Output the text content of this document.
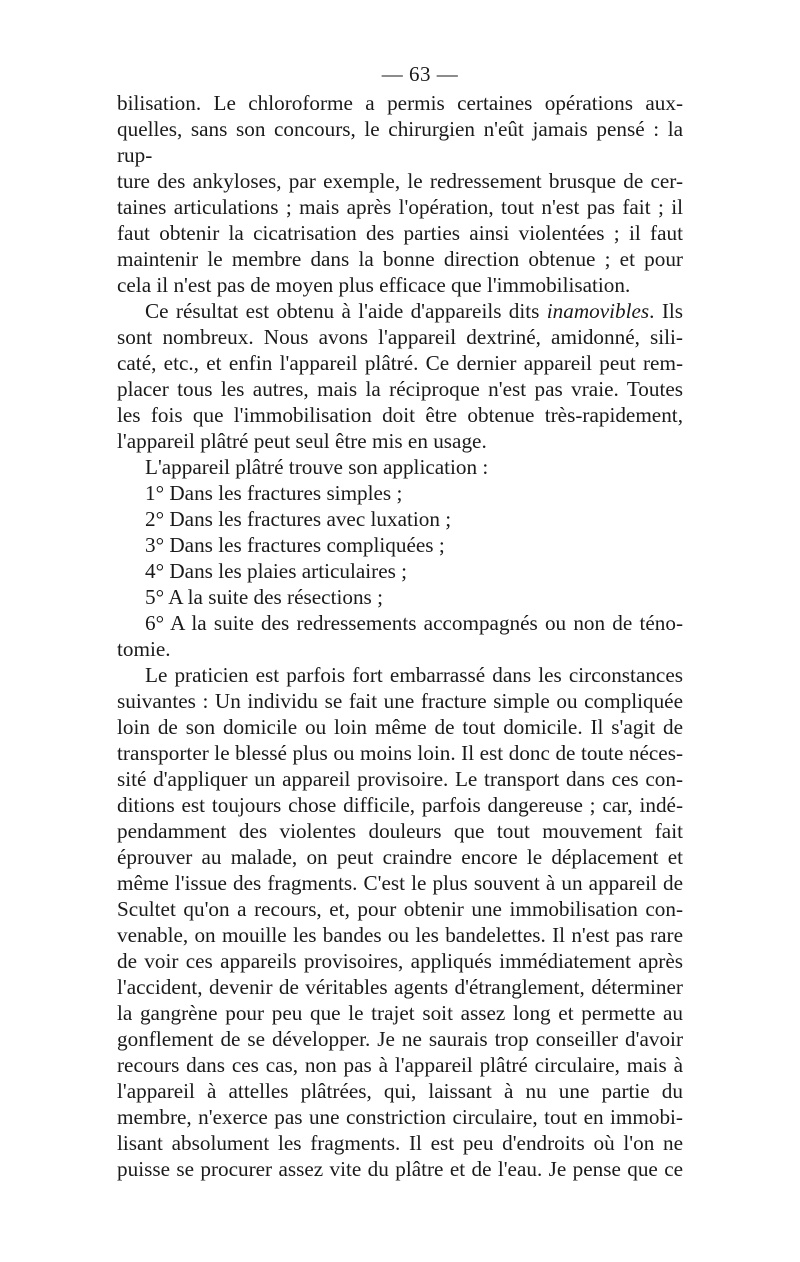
— 63 —

bilisation. Le chloroforme a permis certaines opérations aux-

quelles, sans son concours, le chirurgien n'eût jamais pensé : la rup-

ture des ankyloses, par exemple, le redressement brusque de cer-

taines articulations ; mais après l'opération, tout n'est pas fait ; il

faut obtenir la cicatrisation des parties ainsi violentées ; il faut

maintenir le membre dans la bonne direction obtenue ; et pour

cela il n'est pas de moyen plus efficace que l'immobilisation.

Ce résultat est obtenu à l'aide d'appareils dits inamovibles. Ils

sont nombreux. Nous avons l'appareil dextriné, amidonné, sili-

caté, etc., et enfin l'appareil plâtré. Ce dernier appareil peut rem-

placer tous les autres, mais la réciproque n'est pas vraie. Toutes

les fois que l'immobilisation doit être obtenue très-rapidement,

l'appareil plâtré peut seul être mis en usage.

L'appareil plâtré trouve son application :

1° Dans les fractures simples ;
2° Dans les fractures avec luxation ;
3° Dans les fractures compliquées ;
4° Dans les plaies articulaires ;
5° A la suite des résections ;

6° A la suite des redressements accompagnés ou non de téno-

tomie.

Le praticien est parfois fort embarrassé dans les circonstances

suivantes : Un individu se fait une fracture simple ou compliquée

loin de son domicile ou loin même de tout domicile. Il s'agit de

transporter le blessé plus ou moins loin. Il est donc de toute néces-

sité d'appliquer un appareil provisoire. Le transport dans ces con-

ditions est toujours chose difficile, parfois dangereuse ; car, indé-

pendamment des violentes douleurs que tout mouvement fait

éprouver au malade, on peut craindre encore le déplacement et

même l'issue des fragments. C'est le plus souvent à un appareil de

Scultet qu'on a recours, et, pour obtenir une immobilisation con-

venable, on mouille les bandes ou les bandelettes. Il n'est pas rare

de voir ces appareils provisoires, appliqués immédiatement après

l'accident, devenir de véritables agents d'étranglement, déterminer

la gangrène pour peu que le trajet soit assez long et permette au

gonflement de se développer. Je ne saurais trop conseiller d'avoir

recours dans ces cas, non pas à l'appareil plâtré circulaire, mais à

l'appareil à attelles plâtrées, qui, laissant à nu une partie du

membre, n'exerce pas une constriction circulaire, tout en immobi-

lisant absolument les fragments. Il est peu d'endroits où l'on ne

puisse se procurer assez vite du plâtre et de l'eau. Je pense que ce
